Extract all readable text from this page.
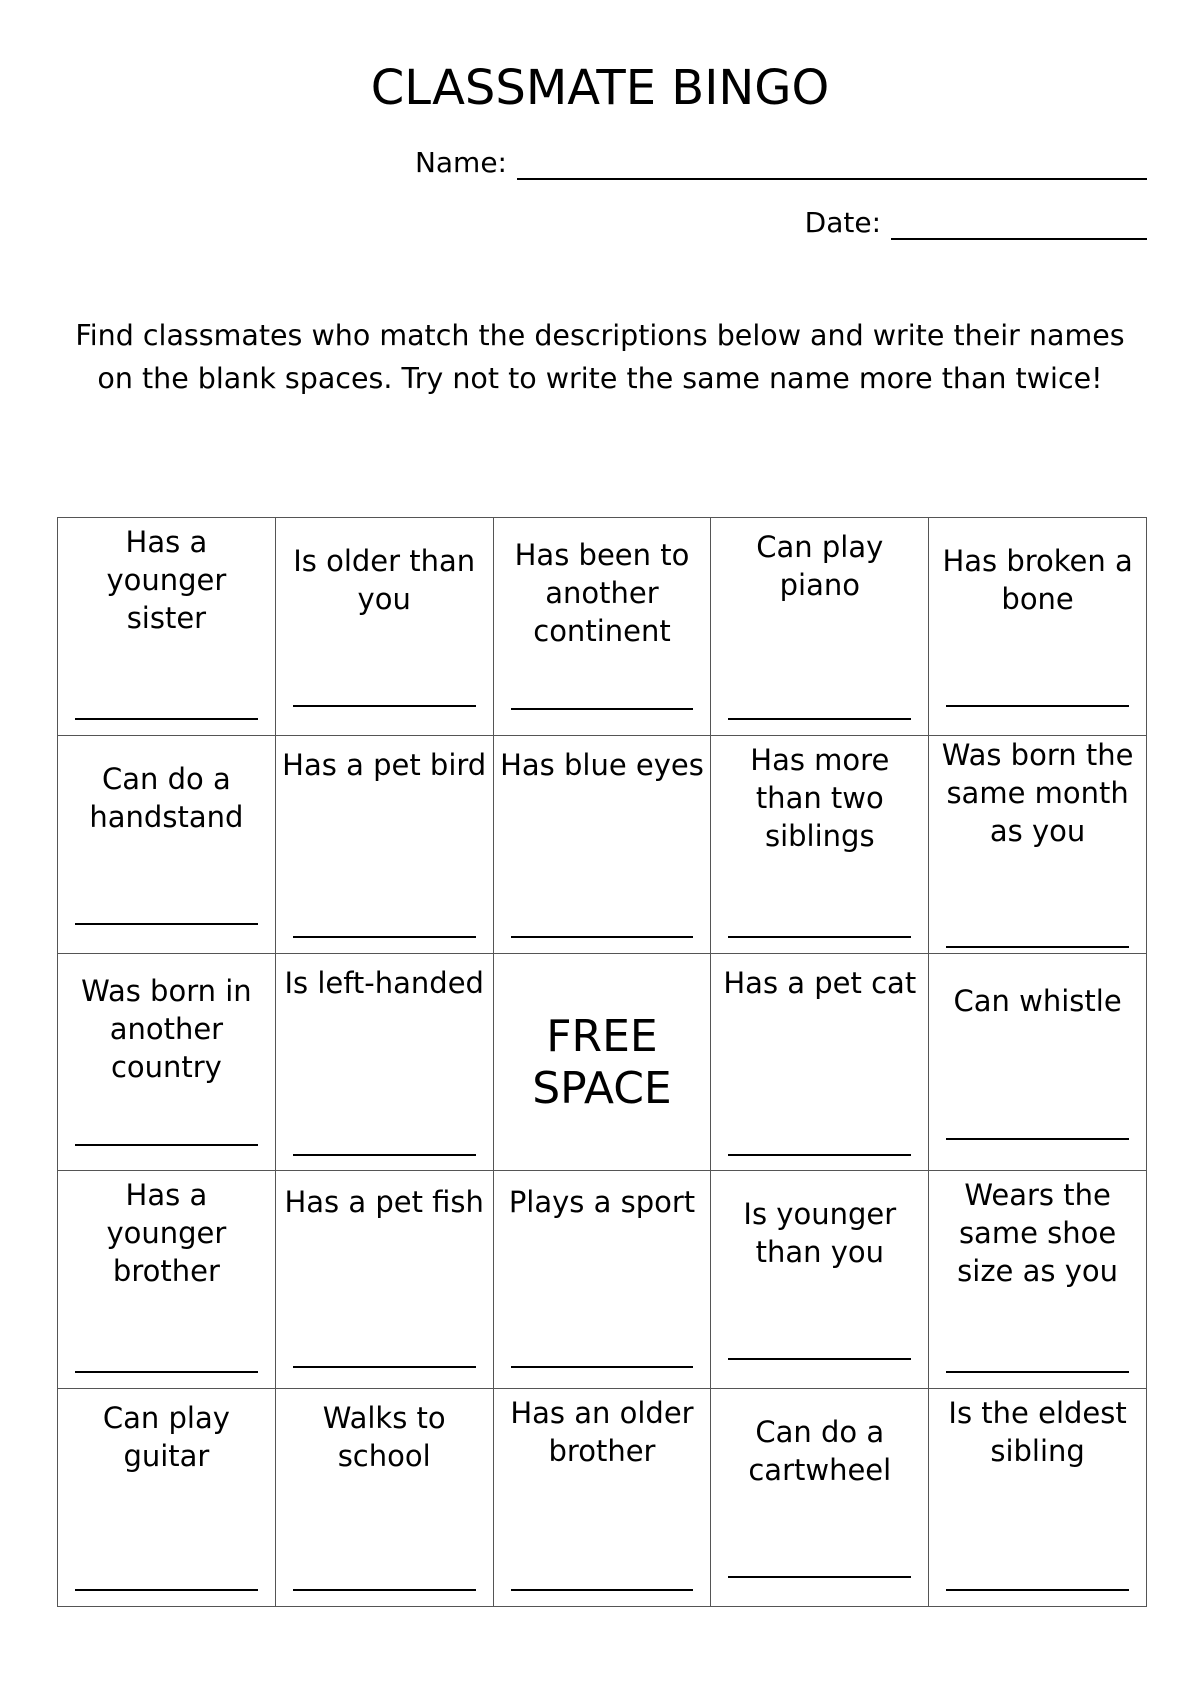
CLASSMATE BINGO
Name:
Date:
Find classmates who match the descriptions below and write their names on the blank spaces. Try not to write the same name more than twice!
Has a younger sister
Is older than you
Has been to another continent
Can play piano
Has broken a bone
Can do a handstand
Has a pet bird Has blue eyes	Has more than two siblings
Was born the same month as you
Was born in another country
Is left-handed
FREE SPACE
Has a pet cat
Can whistle
Has a younger brother
Has a pet fish Plays a sport	Is younger than you
Wears the same shoe size as you
Can play guitar
Walks to school
Has an older brother
Can do a cartwheel
Is the eldest sibling
